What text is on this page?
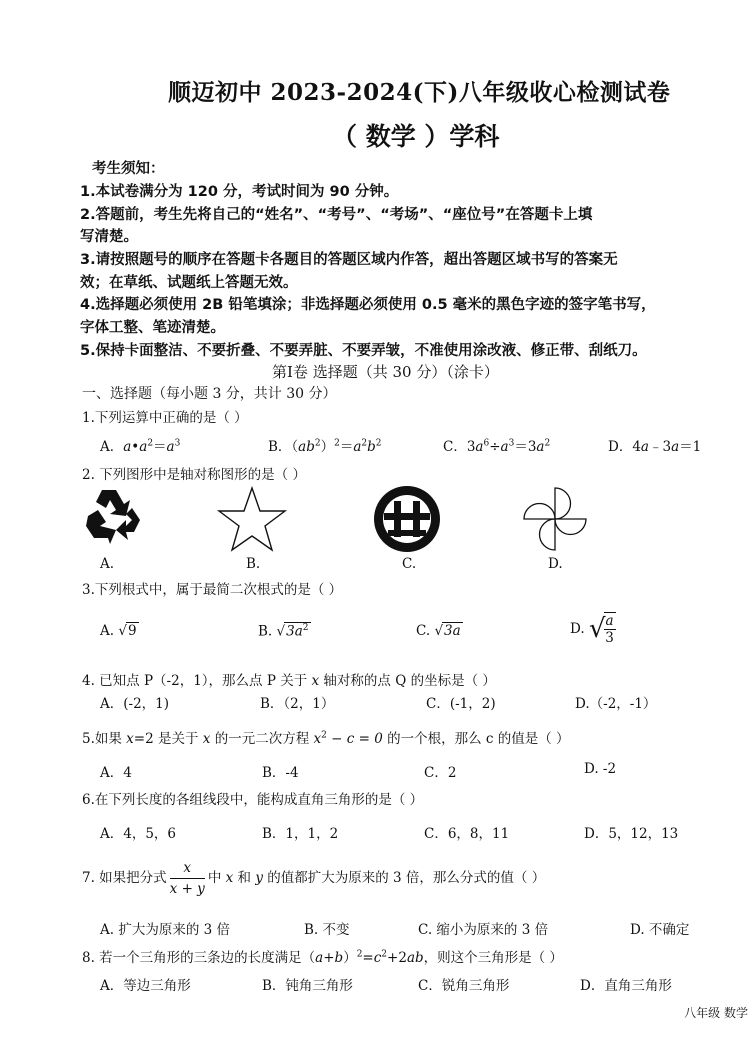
顺迈初中 2023-2024(下)八年级收心检测试卷
（ 数学 ）学科
考生须知：
1.本试卷满分为 120 分，考试时间为 90 分钟。
2.答题前，考生先将自己的“姓名”、“考号”、“考场”、“座位号”在答题卡上填
写清楚。
3.请按照题号的顺序在答题卡各题目的答题区域内作答，超出答题区域书写的答案无
效；在草纸、试题纸上答题无效。
4.选择题必须使用 2B 铅笔填涂；非选择题必须使用 0.5 毫米的黑色字迹的签字笔书写，
字体工整、笔迹清楚。
5.保持卡面整洁、不要折叠、不要弄脏、不要弄皱，不准使用涂改液、修正带、刮纸刀。
第Ⅰ卷 选择题（共 30 分）（涂卡）
一、选择题（每小题 3 分，共计 30 分）
1.下列运算中正确的是（ ）
A．$a•a^2=a^3$	B．$(ab^2)^2=a^2b^2$	C．$3a^6\div a^3=3a^2$	D．4a﹣3a＝1
2. 下列图形中是轴对称图形的是（ ）
A.	B.	C.	D.
3.下列根式中，属于最简二次根式的是（ ）
A. √9	B. $√3a^2$	C. √3a	D. √
$\frac{a}{3}$
4. 已知点 P（-2，1），那么点 P 关于 x 轴对称的点 Q 的坐标是（ ）
A．(-2，1)	B．（2，1）	C．(-1，2)	D.（-2，-1）
5.如果 x=2 是关于 x 的一元二次方程 $x^2 - c = 0$ 的一个根，那么 c 的值是（ ）
A．4	B．-4	C．2	D. -2
6.在下列长度的各组线段中，能构成直角三角形的是（ ）
A．4，5，6	B．1，1，2	C．6，8，11	D．5，12，13
7. 如果把分式 $\frac{x}{x + y}$ 中 x 和 y 的值都扩大为原来的 3 倍，那么分式的值（ ）
A. 扩大为原来的 3 倍	B. 不变	C. 缩小为原来的 3 倍	D. 不确定
8. 若一个三角形的三条边的长度满足$(a+b)^2=c^2+2ab$，则这个三角形是（ ）
A．等边三角形	B．钝角三角形	C．锐角三角形	D．直角三角形
八年级 数学
